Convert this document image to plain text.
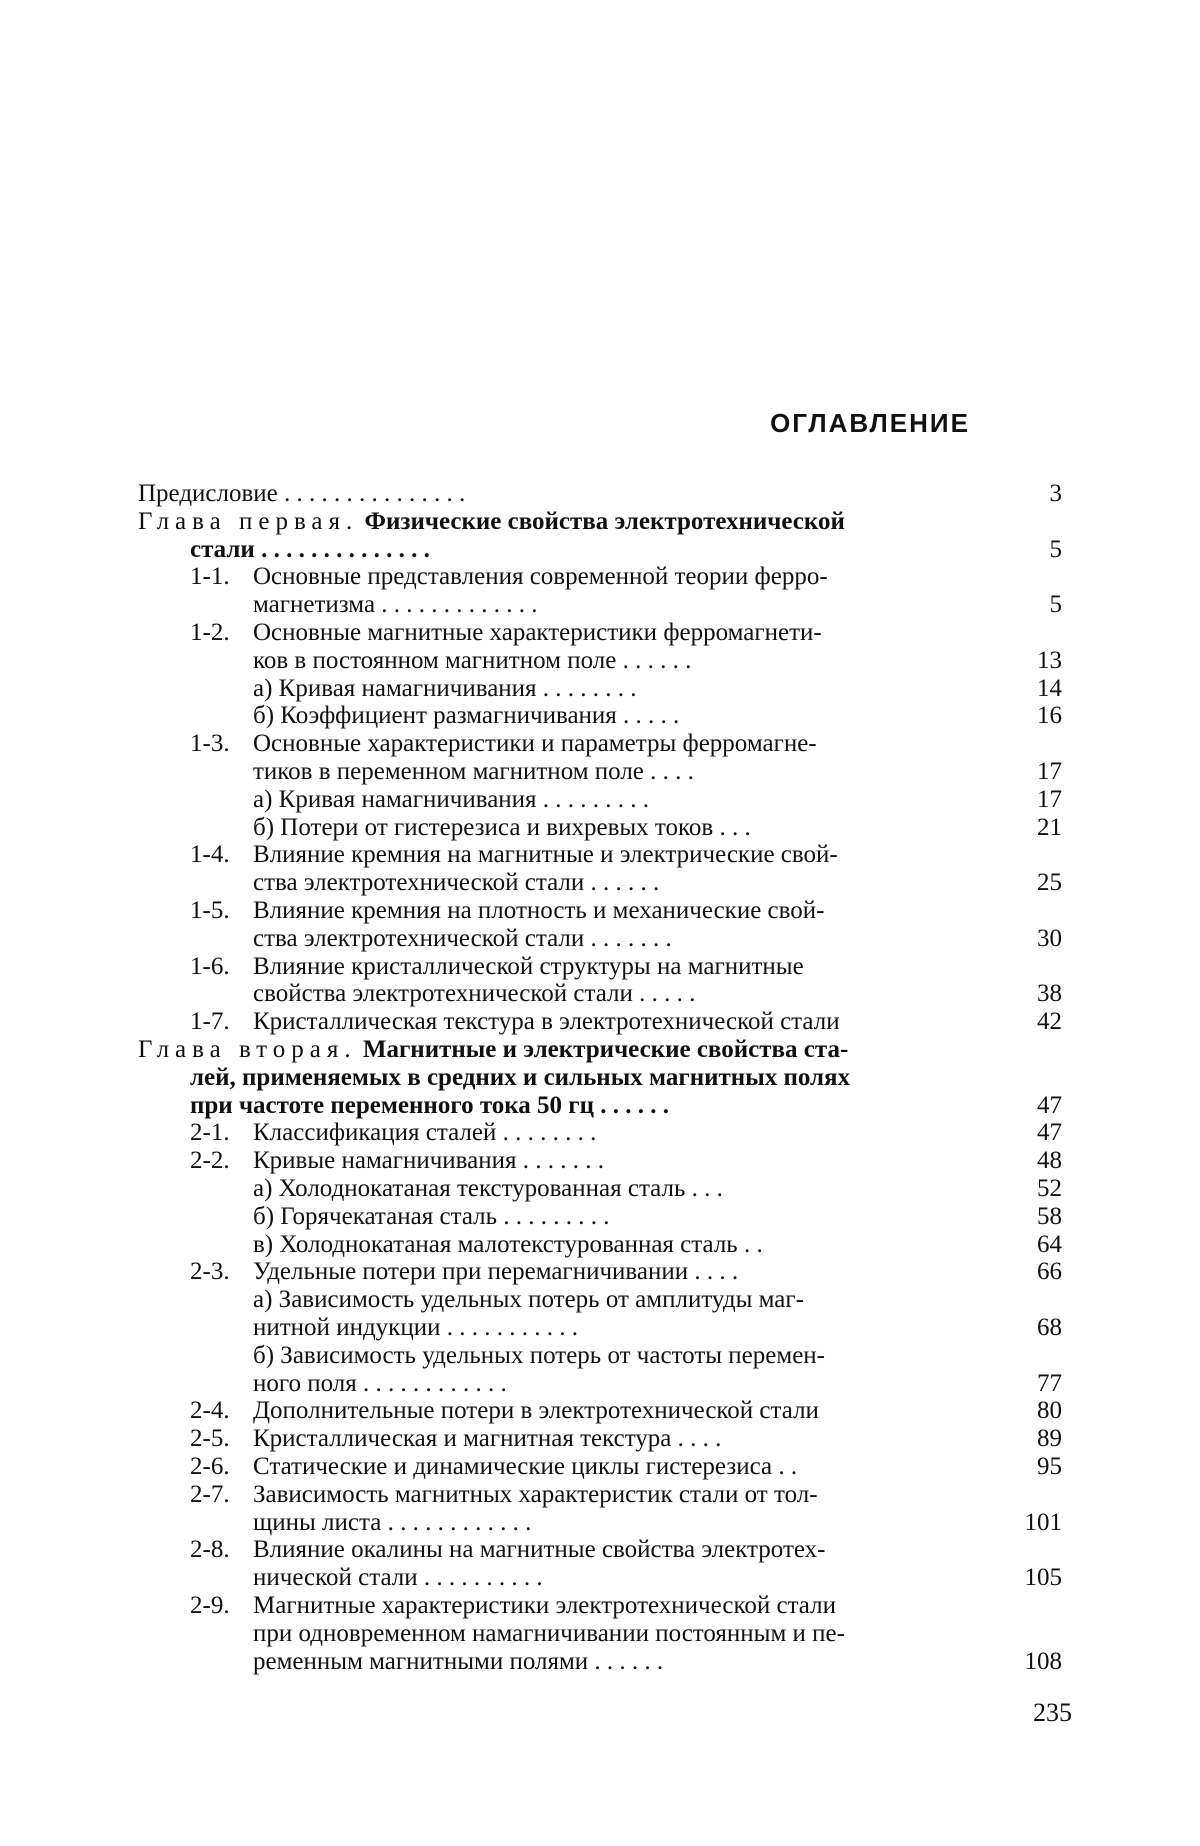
ОГЛАВЛЕНИЕ
Предисловие . . . . . . . . . . . . . . .	3
Глава первая. Физические свойства электротехнической
стали . . . . . . . . . . . . . .	5
1-1. Основные представления современной теории ферро-
магнетизма . . . . . . . . . . . . .	5
1-2. Основные магнитные характеристики ферромагнети-
ков в постоянном магнитном поле . . . . . .	13
а) Кривая намагничивания . . . . . . . .	14
б) Коэффициент размагничивания . . . . .	16
1-3. Основные характеристики и параметры ферромагне-
тиков в переменном магнитном поле . . . .	17
а) Кривая намагничивания . . . . . . . . .	17
б) Потери от гистерезиса и вихревых токов . . .	21
1-4. Влияние кремния на магнитные и электрические свой-
ства электротехнической стали . . . . . .	25
1-5. Влияние кремния на плотность и механические свой-
ства электротехнической стали . . . . . . .	30
1-6. Влияние кристаллической структуры на магнитные
свойства электротехнической стали . . . . .	38
1-7. Кристаллическая текстура в электротехнической стали	42
Глава вторая. Магнитные и электрические свойства ста-
лей, применяемых в средних и сильных магнитных полях
при частоте переменного тока 50 гц . . . . . .	47
2-1. Классификация сталей . . . . . . . .	47
2-2. Кривые намагничивания . . . . . . .	48
а) Холоднокатаная текстурованная сталь . . .	52
б) Горячекатаная сталь . . . . . . . . .	58
в) Холоднокатаная малотекстурованная сталь . .	64
2-3. Удельные потери при перемагничивании . . . .	66
а) Зависимость удельных потерь от амплитуды маг-
нитной индукции . . . . . . . . . . .	68
б) Зависимость удельных потерь от частоты перемен-
ного поля . . . . . . . . . . . .	77
2-4. Дополнительные потери в электротехнической стали	80
2-5. Кристаллическая и магнитная текстура . . . .	89
2-6. Статические и динамические циклы гистерезиса . .	95
2-7. Зависимость магнитных характеристик стали от тол-
щины листа . . . . . . . . . . . .	101
2-8. Влияние окалины на магнитные свойства электротех-
нической стали . . . . . . . . . .	105
2-9. Магнитные характеристики электротехнической стали
при одновременном намагничивании постоянным и пе-
ременным магнитными полями . . . . . .	108
235
